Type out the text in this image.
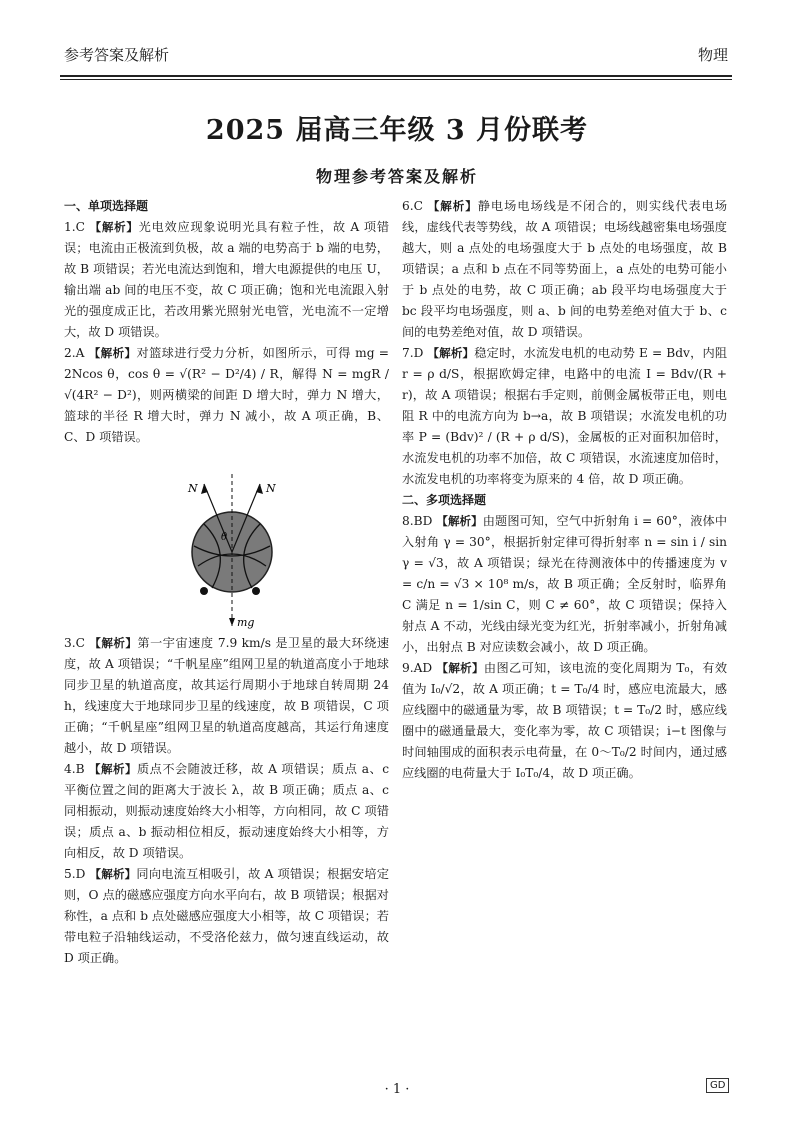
参考答案及解析	物理
2025 届高三年级 3 月份联考
物理参考答案及解析

一、单项选择题

1.C 【解析】光电效应现象说明光具有粒子性，故 A 项错误；电流由正极流到负极，故 a 端的电势高于 b 端的电势，故 B 项错误；若光电流达到饱和，增大电源提供的电压 U，输出端 ab 间的电压不变，故 C 项正确；饱和光电流跟入射光的强度成正比，若改用紫光照射光电管，光电流不一定增大，故 D 项错误。

2.A 【解析】对篮球进行受力分析，如图所示，可得 mg = 2Ncos θ，cos θ = √(R² − D²/4) / R，解得 N = mgR / √(4R² − D²)，则两横梁的间距 D 增大时，弹力 N 增大，篮球的半径 R 增大时，弹力 N 减小，故 A 项正确，B、C、D 项错误。

N	N
θ
mg

3.C 【解析】第一宇宙速度 7.9 km/s 是卫星的最大环绕速度，故 A 项错误；“千帆星座”组网卫星的轨道高度小于地球同步卫星的轨道高度，故其运行周期小于地球自转周期 24 h，线速度大于地球同步卫星的线速度，故 B 项错误，C 项正确；“千帆星座”组网卫星的轨道高度越高，其运行角速度越小，故 D 项错误。

4.B 【解析】质点不会随波迁移，故 A 项错误；质点 a、c 平衡位置之间的距离大于波长 λ，故 B 项正确；质点 a、c 同相振动，则振动速度始终大小相等，方向相同，故 C 项错误；质点 a、b 振动相位相反，振动速度始终大小相等，方向相反，故 D 项错误。

5.D 【解析】同向电流互相吸引，故 A 项错误；根据安培定则，O 点的磁感应强度方向水平向右，故 B 项错误；根据对称性，a 点和 b 点处磁感应强度大小相等，故 C 项错误；若带电粒子沿轴线运动，不受洛伦兹力，做匀速直线运动，故 D 项正确。

6.C 【解析】静电场电场线是不闭合的，则实线代表电场线，虚线代表等势线，故 A 项错误；电场线越密集电场强度越大，则 a 点处的电场强度大于 b 点处的电场强度，故 B 项错误；a 点和 b 点在不同等势面上，a 点处的电势可能小于 b 点处的电势，故 C 项正确；ab 段平均电场强度大于 bc 段平均电场强度，则 a、b 间的电势差绝对值大于 b、c 间的电势差绝对值，故 D 项错误。

7.D 【解析】稳定时，水流发电机的电动势 E = Bdv，内阻 r = ρ d/S，根据欧姆定律，电路中的电流 I = Bdv/(R + r)，故 A 项错误；根据右手定则，前侧金属板带正电，则电阻 R 中的电流方向为 b→a，故 B 项错误；水流发电机的功率 P = (Bdv)² / (R + ρ d/S)，金属板的正对面积加倍时，水流发电机的功率不加倍，故 C 项错误，水流速度加倍时，水流发电机的功率将变为原来的 4 倍，故 D 项正确。

二、多项选择题

8.BD 【解析】由题图可知，空气中折射角 i = 60°，液体中入射角 γ = 30°，根据折射定律可得折射率 n = sin i / sin γ = √3，故 A 项错误；绿光在待测液体中的传播速度为 v = c/n = √3 × 10⁸ m/s，故 B 项正确；全反射时，临界角 C 满足 n = 1/sin C，则 C ≠ 60°，故 C 项错误；保持入射点 A 不动，光线由绿光变为红光，折射率减小，折射角减小，出射点 B 对应读数会减小，故 D 项正确。

9.AD 【解析】由图乙可知，该电流的变化周期为 T₀，有效值为 I₀/√2，故 A 项正确；t = T₀/4 时，感应电流最大，感应线圈中的磁通量为零，故 B 项错误；t = T₀/2 时，感应线圈中的磁通量最大，变化率为零，故 C 项错误；i−t 图像与时间轴围成的面积表示电荷量，在 0～T₀/2 时间内，通过感应线圈的电荷量大于 I₀T₀/4，故 D 项正确。

· 1 ·	GD
